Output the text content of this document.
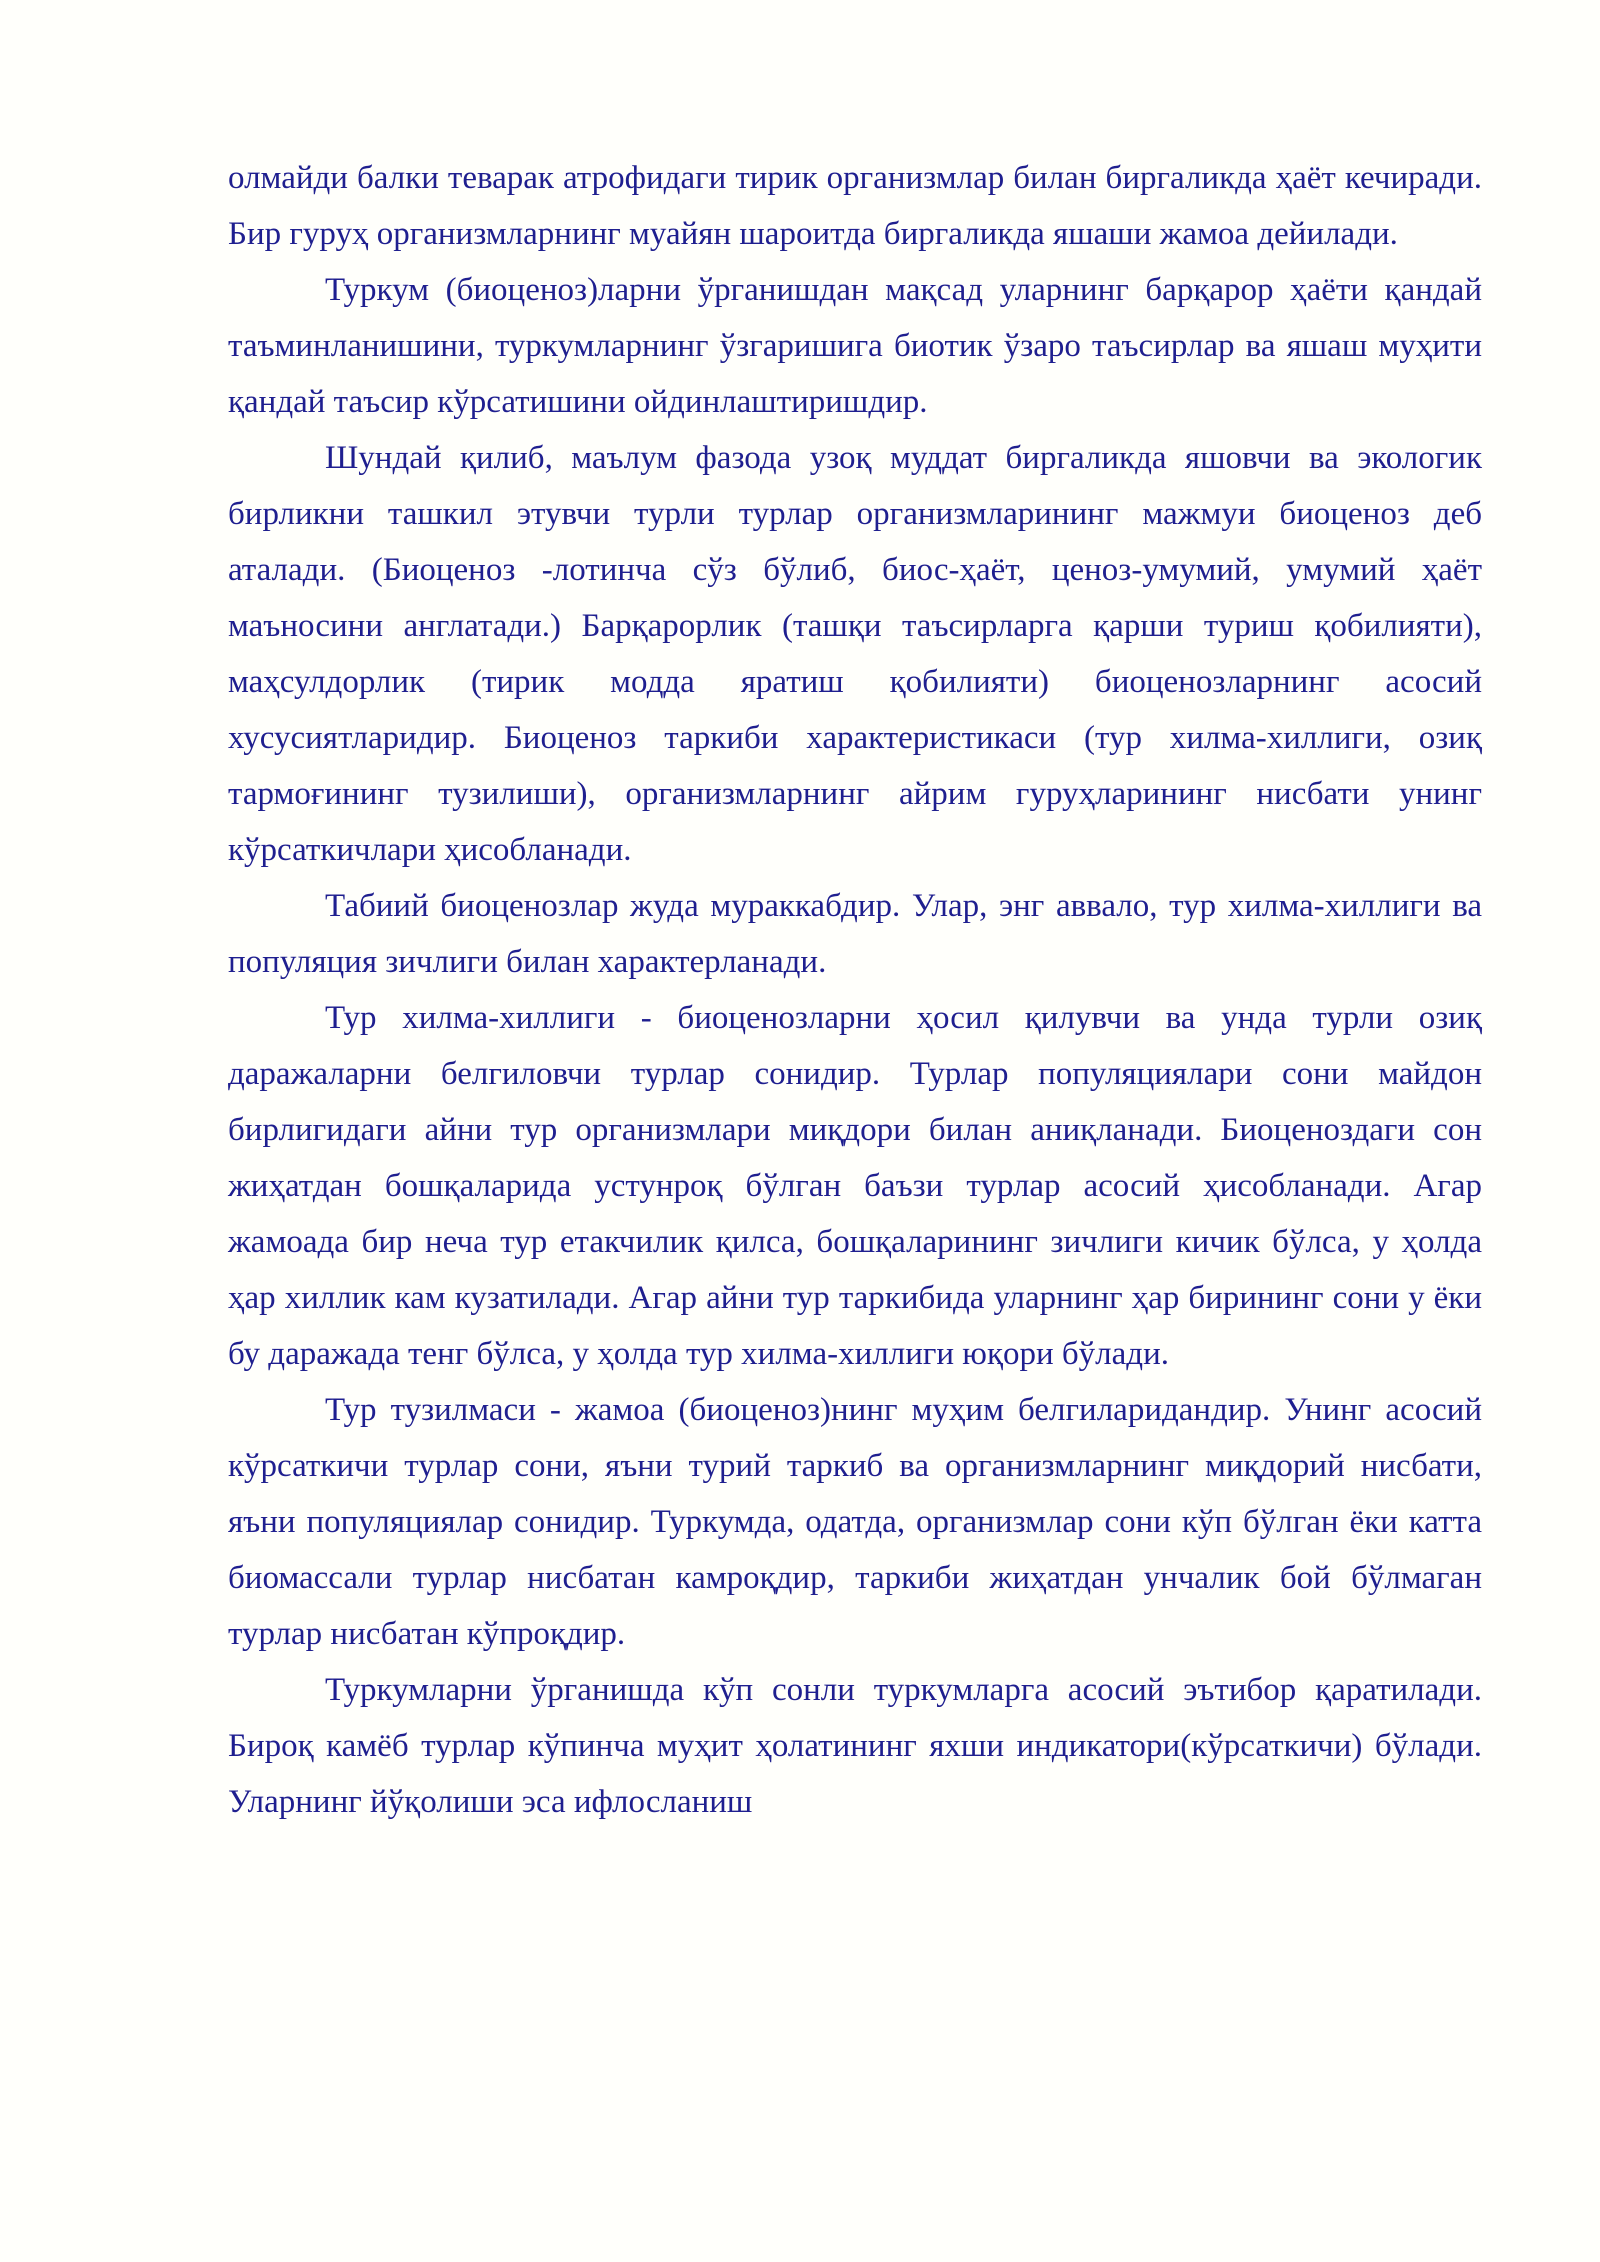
олмайди балки теварак атрофидаги тирик организмлар билан биргаликда ҳаёт кечиради. Бир гуруҳ организмларнинг муайян шароитда биргаликда яшаши жамоа дейилади.

Туркум (биоценоз)ларни ўрганишдан мақсад уларнинг барқарор ҳаёти қандай таъминланишини, туркумларнинг ўзгаришига биотик ўзаро таъсирлар ва яшаш муҳити қандай таъсир кўрсатишини ойдинлаштиришдир.

Шундай қилиб, маълум фазода узоқ муддат биргаликда яшовчи ва экологик бирликни ташкил этувчи турли турлар организмларининг мажмуи биоценоз деб аталади. (Биоценоз -лотинча сўз бўлиб, биос-ҳаёт, ценоз-умумий, умумий ҳаёт маъносини англатади.) Барқарорлик (ташқи таъсирларга қарши туриш қобилияти), маҳсулдорлик (тирик модда яратиш қобилияти) биоценозларнинг асосий хусусиятларидир. Биоценоз таркиби характеристикаси (тур хилма-хиллиги, озиқ тармоғининг тузилиши), организмларнинг айрим гуруҳларининг нисбати унинг кўрсаткичлари ҳисобланади.

Табиий биоценозлар жуда мураккабдир. Улар, энг аввало, тур хилма-хиллиги ва популяция зичлиги билан характерланади.

Тур хилма-хиллиги - биоценозларни ҳосил қилувчи ва унда турли озиқ даражаларни белгиловчи турлар сонидир. Турлар популяциялари сони майдон бирлигидаги айни тур организмлари миқдори билан аниқланади. Биоценоздаги сон жиҳатдан бошқаларида устунроқ бўлган баъзи турлар асосий ҳисобланади. Агар жамоада бир неча тур етакчилик қилса, бошқаларининг зичлиги кичик бўлса, у ҳолда ҳар хиллик кам кузатилади. Агар айни тур таркибида уларнинг ҳар бирининг сони у ёки бу даражада тенг бўлса, у ҳолда тур хилма-хиллиги юқори бўлади.

Тур тузилмаси - жамоа (биоценоз)нинг муҳим белгиларидандир. Унинг асосий кўрсаткичи турлар сони, яъни турий таркиб ва организмларнинг миқдорий нисбати, яъни популяциялар сонидир. Туркумда, одатда, организмлар сони кўп бўлган ёки катта биомассали турлар нисбатан камроқдир, таркиби жиҳатдан унчалик бой бўлмаган турлар нисбатан кўпроқдир.

Туркумларни ўрганишда кўп сонли туркумларга асосий эътибор қаратилади. Бироқ камёб турлар кўпинча муҳит ҳолатининг яхши индикатори(кўрсаткичи) бўлади. Уларнинг йўқолиши эса ифлосланиш
